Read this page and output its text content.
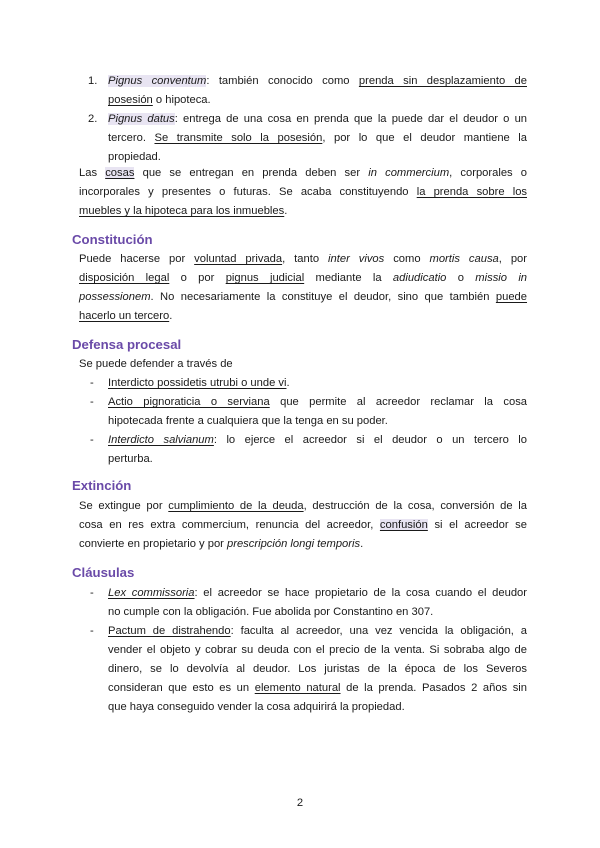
1. Pignus conventum: también conocido como prenda sin desplazamiento de
posesión o hipoteca.
2. Pignus datus: entrega de una cosa en prenda que la puede dar el deudor o un
tercero. Se transmite solo la posesión, por lo que el deudor mantiene la
propiedad.
Las cosas que se entregan en prenda deben ser in commercium, corporales o
incorporales y presentes o futuras. Se acaba constituyendo la prenda sobre los
muebles y la hipoteca para los inmuebles.
Constitución
Puede hacerse por voluntad privada, tanto inter vivos como mortis causa, por
disposición legal o por pignus judicial mediante la adiudicatio o missio in
possessionem. No necesariamente la constituye el deudor, sino que también puede
hacerlo un tercero.
Defensa procesal
Se puede defender a través de
- Interdicto possidetis utrubi o unde vi.
- Actio pignoraticia o serviana que permite al acreedor reclamar la cosa
hipotecada frente a cualquiera que la tenga en su poder.
- Interdicto salvianum: lo ejerce el acreedor si el deudor o un tercero lo
perturba.
Extinción
Se extingue por cumplimiento de la deuda, destrucción de la cosa, conversión de la
cosa en res extra commercium, renuncia del acreedor, confusión si el acreedor se
convierte en propietario y por prescripción longi temporis.
Cláusulas
- Lex commissoria: el acreedor se hace propietario de la cosa cuando el deudor
no cumple con la obligación. Fue abolida por Constantino en 307.
- Pactum de distrahendo: faculta al acreedor, una vez vencida la obligación, a
vender el objeto y cobrar su deuda con el precio de la venta. Si sobraba algo de
dinero, se lo devolvía al deudor. Los juristas de la época de los Severos
consideran que esto es un elemento natural de la prenda. Pasados 2 años sin
que haya conseguido vender la cosa adquirirá la propiedad.
2
